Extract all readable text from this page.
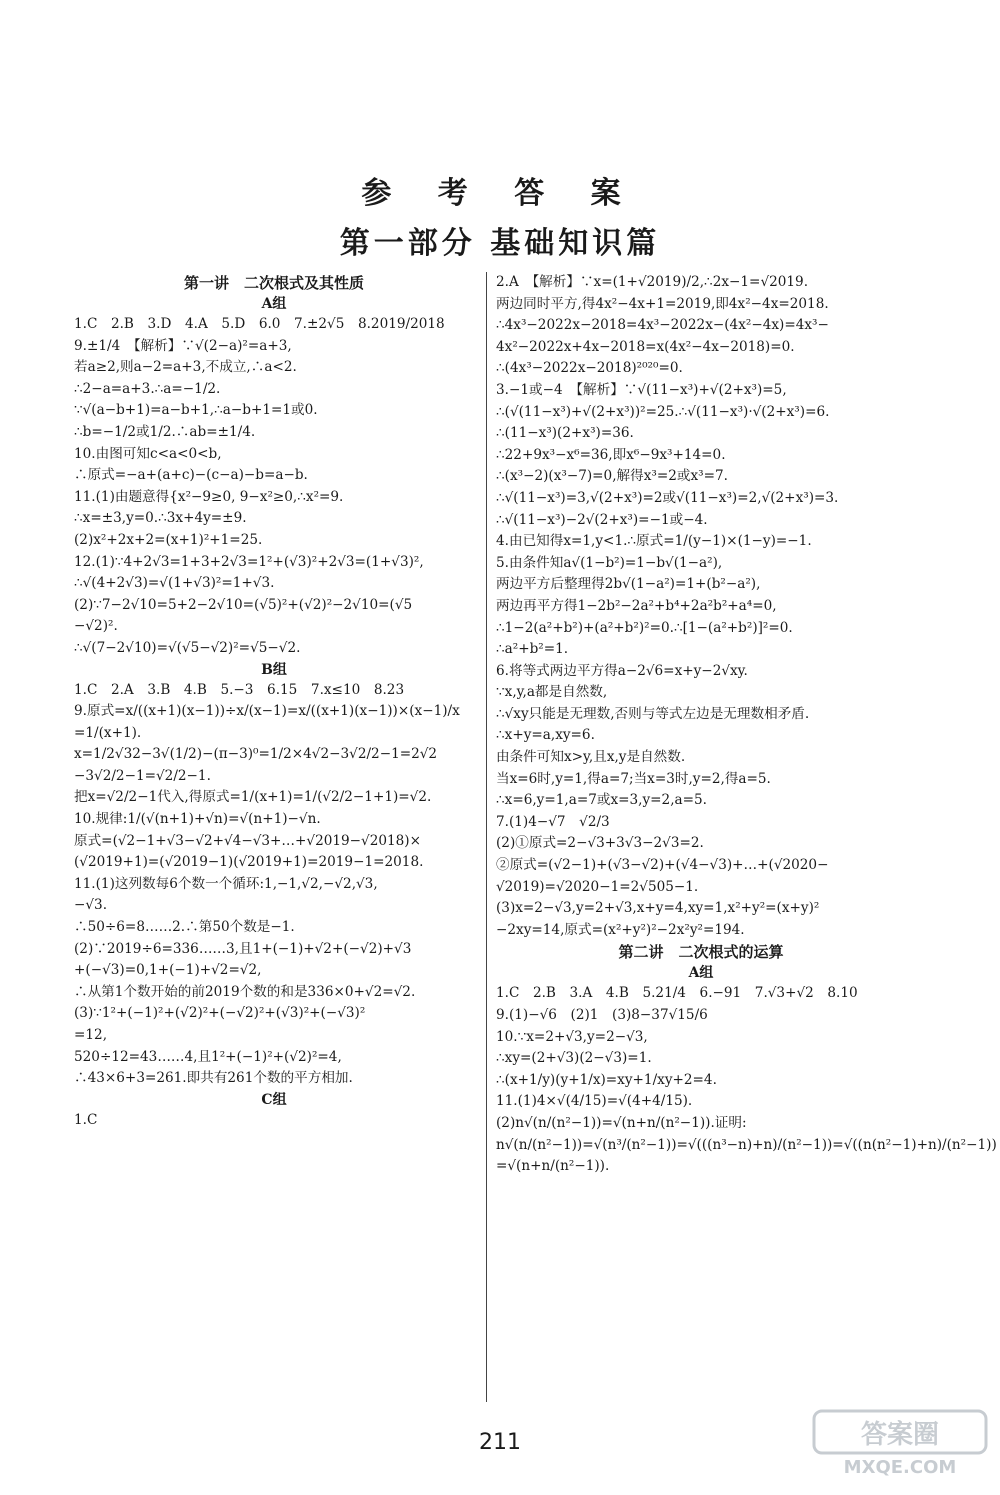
参 考 答 案
第一部分 基础知识篇
第一讲　二次根式及其性质
A组
1.C　2.B　3.D　4.A　5.D　6.0　7.±2√5　8.2019/2018
9.±1/4　【解析】∵√(2−a)²=a+3,
若a≥2,则a−2=a+3,不成立,∴a<2.
∴2−a=a+3.∴a=−1/2.
∵√(a−b+1)=a−b+1,∴a−b+1=1或0.
∴b=−1/2或1/2.∴ab=±1/4.
10.由图可知c<a<0<b,
∴原式=−a+(a+c)−(c−a)−b=a−b.
11.(1)由题意得{x²−9≥0, 9−x²≥0,∴x²=9.
∴x=±3,y=0.∴3x+4y=±9.
(2)x²+2x+2=(x+1)²+1=25.
12.(1)∵4+2√3=1+3+2√3=1²+(√3)²+2√3=(1+√3)²,
∴√(4+2√3)=√(1+√3)²=1+√3.
(2)∵7−2√10=5+2−2√10=(√5)²+(√2)²−2√10=(√5
−√2)².
∴√(7−2√10)=√(√5−√2)²=√5−√2.
B组
1.C　2.A　3.B　4.B　5.−3　6.15　7.x≤10　8.23
9.原式=x/((x+1)(x−1))÷x/(x−1)=x/((x+1)(x−1))×(x−1)/x
=1/(x+1).
x=1/2√32−3√(1/2)−(π−3)⁰=1/2×4√2−3√2/2−1=2√2
−3√2/2−1=√2/2−1.
把x=√2/2−1代入,得原式=1/(x+1)=1/(√2/2−1+1)=√2.
10.规律:1/(√(n+1)+√n)=√(n+1)−√n.
原式=(√2−1+√3−√2+√4−√3+…+√2019−√2018)×
(√2019+1)=(√2019−1)(√2019+1)=2019−1=2018.
11.(1)这列数每6个数一个循环:1,−1,√2,−√2,√3,
−√3.
∴50÷6=8……2.∴第50个数是−1.
(2)∵2019÷6=336……3,且1+(−1)+√2+(−√2)+√3
+(−√3)=0,1+(−1)+√2=√2,
∴从第1个数开始的前2019个数的和是336×0+√2=√2.
(3)∵1²+(−1)²+(√2)²+(−√2)²+(√3)²+(−√3)²
=12,
520÷12=43……4,且1²+(−1)²+(√2)²=4,
∴43×6+3=261.即共有261个数的平方相加.
C组
1.C
2.A　【解析】∵x=(1+√2019)/2,∴2x−1=√2019.
两边同时平方,得4x²−4x+1=2019,即4x²−4x=2018.
∴4x³−2022x−2018=4x³−2022x−(4x²−4x)=4x³−
4x²−2022x+4x−2018=x(4x²−4x−2018)=0.
∴(4x³−2022x−2018)²⁰²⁰=0.
3.−1或−4　【解析】∵√(11−x³)+√(2+x³)=5,
∴(√(11−x³)+√(2+x³))²=25.∴√(11−x³)·√(2+x³)=6.
∴(11−x³)(2+x³)=36.
∴22+9x³−x⁶=36,即x⁶−9x³+14=0.
∴(x³−2)(x³−7)=0,解得x³=2或x³=7.
∴√(11−x³)=3,√(2+x³)=2或√(11−x³)=2,√(2+x³)=3.
∴√(11−x³)−2√(2+x³)=−1或−4.
4.由已知得x=1,y<1.∴原式=1/(y−1)×(1−y)=−1.
5.由条件知a√(1−b²)=1−b√(1−a²),
两边平方后整理得2b√(1−a²)=1+(b²−a²),
两边再平方得1−2b²−2a²+b⁴+2a²b²+a⁴=0,
∴1−2(a²+b²)+(a²+b²)²=0.∴[1−(a²+b²)]²=0.
∴a²+b²=1.
6.将等式两边平方得a−2√6=x+y−2√xy.
∵x,y,a都是自然数,
∴√xy只能是无理数,否则与等式左边是无理数相矛盾.
∴x+y=a,xy=6.
由条件可知x>y,且x,y是自然数.
当x=6时,y=1,得a=7;当x=3时,y=2,得a=5.
∴x=6,y=1,a=7或x=3,y=2,a=5.
7.(1)4−√7　√2/3
(2)①原式=2−√3+3√3−2√3=2.
②原式=(√2−1)+(√3−√2)+(√4−√3)+…+(√2020−
√2019)=√2020−1=2√505−1.
(3)x=2−√3,y=2+√3,x+y=4,xy=1,x²+y²=(x+y)²
−2xy=14,原式=(x²+y²)²−2x²y²=194.
第二讲　二次根式的运算
A组
1.C　2.B　3.A　4.B　5.21/4　6.−91　7.√3+√2　8.10
9.(1)−√6　(2)1　(3)8−37√15/6
10.∵x=2+√3,y=2−√3,
∴xy=(2+√3)(2−√3)=1.
∴(x+1/y)(y+1/x)=xy+1/xy+2=4.
11.(1)4×√(4/15)=√(4+4/15).
(2)n√(n/(n²−1))=√(n+n/(n²−1)).证明:
n√(n/(n²−1))=√(n³/(n²−1))=√(((n³−n)+n)/(n²−1))=√((n(n²−1)+n)/(n²−1))
=√(n+n/(n²−1)).
211	答案圈
MXQE.COM
